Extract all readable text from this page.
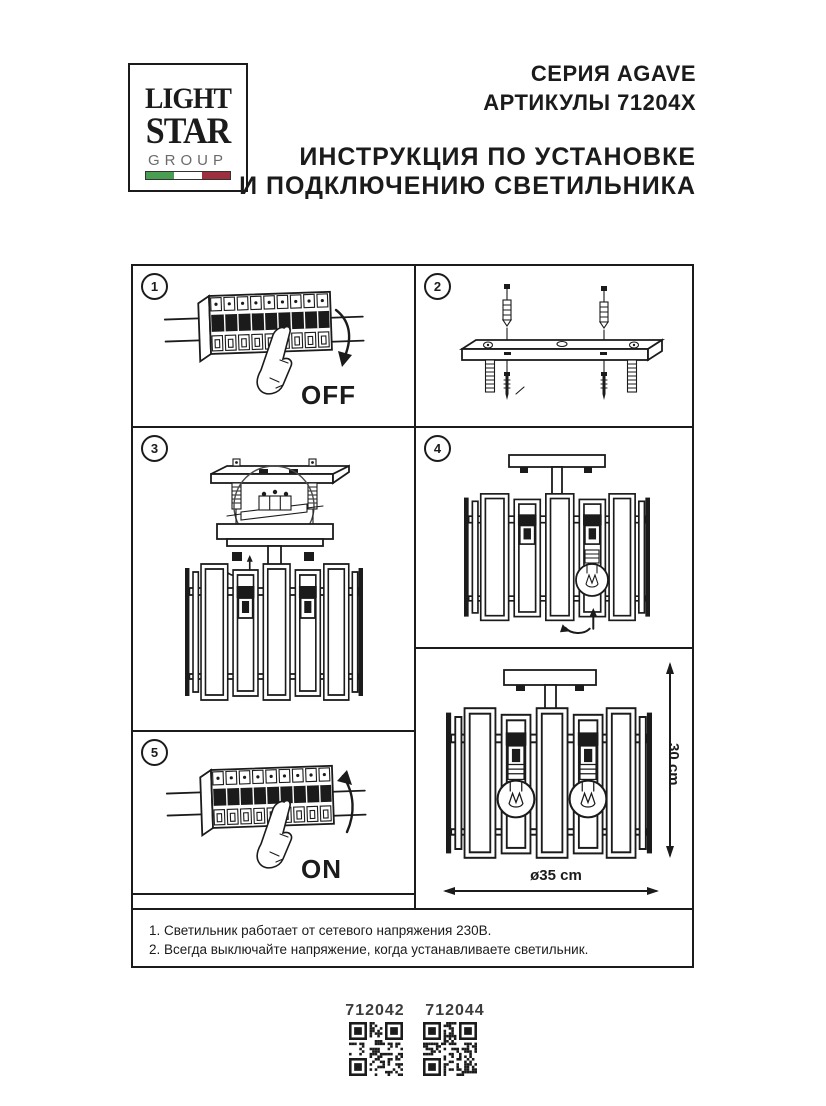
LIGHT
STAR
GROUP
СЕРИЯ AGAVE
АРТИКУЛЫ 71204X
ИНСТРУКЦИЯ ПО УСТАНОВКЕ
И ПОДКЛЮЧЕНИЮ СВЕТИЛЬНИКА
1
OFF
2
3	4
5
ON
30 cm
ø35 cm
1. Светильник работает от сетевого напряжения 230В.
2. Всегда выключайте напряжение, когда устанавливаете светильник.
712042	712044
